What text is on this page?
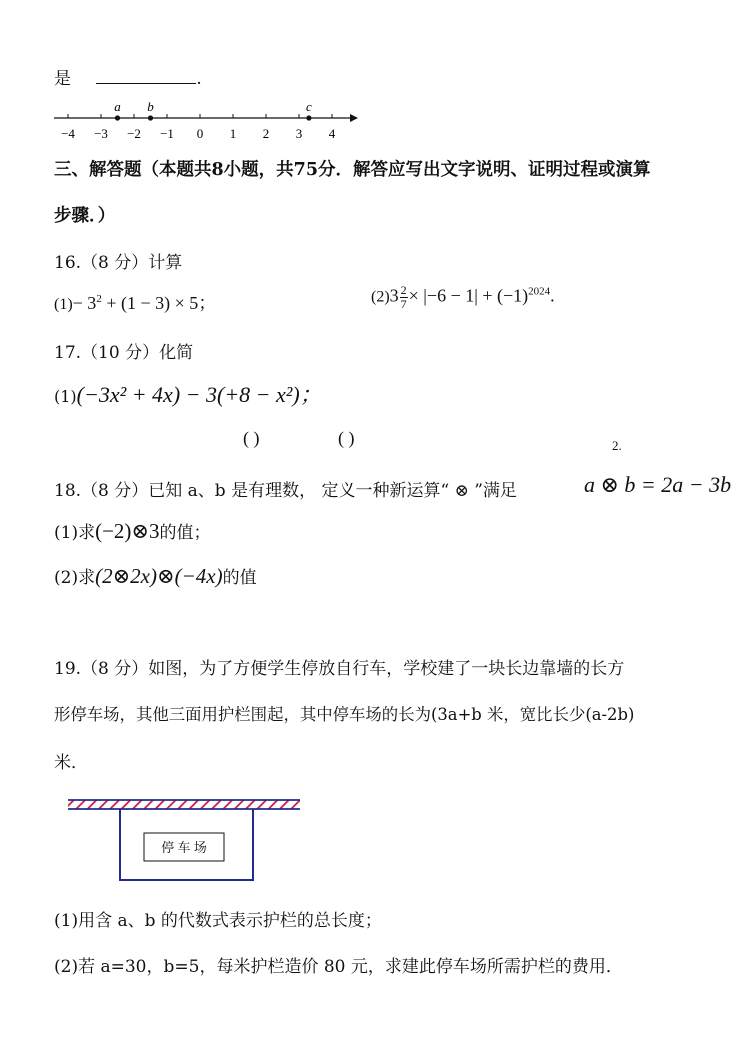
是	.
−4 −3 −2 −1 0 1 2 3 4
a b	c
三、解答题（本题共8小题，共75分．解答应写出文字说明、证明过程或演算
步骤．）
16.（8 分）计算
$(1)- 3^2 + (1 - 3) \times 5$；	$(2)3 \frac{2}{7} \times |-6 - 1| + (-1)^{2024}$.
17.（10 分）化简
(1)(−3x² + 4x) − 3(+8 − x²)；
( )	( )	2.
18.（8 分）已知 a、b 是有理数， 定义一种新运算“ ⊗ ”满足	a ⊗ b = 2a − 3b
(1)求(−2)⊗3的值；
(2)求(2⊗2x)⊗(−4x)的值
19.（8 分）如图，为了方便学生停放自行车，学校建了一块长边靠墙的长方
形停车场，其他三面用护栏围起，其中停车场的长为(3a+b 米，宽比长少(a-2b)
米．
停 车 场
(1)用含 a、b 的代数式表示护栏的总长度；
(2)若 a=30，b=5，每米护栏造价 80 元，求建此停车场所需护栏的费用．
